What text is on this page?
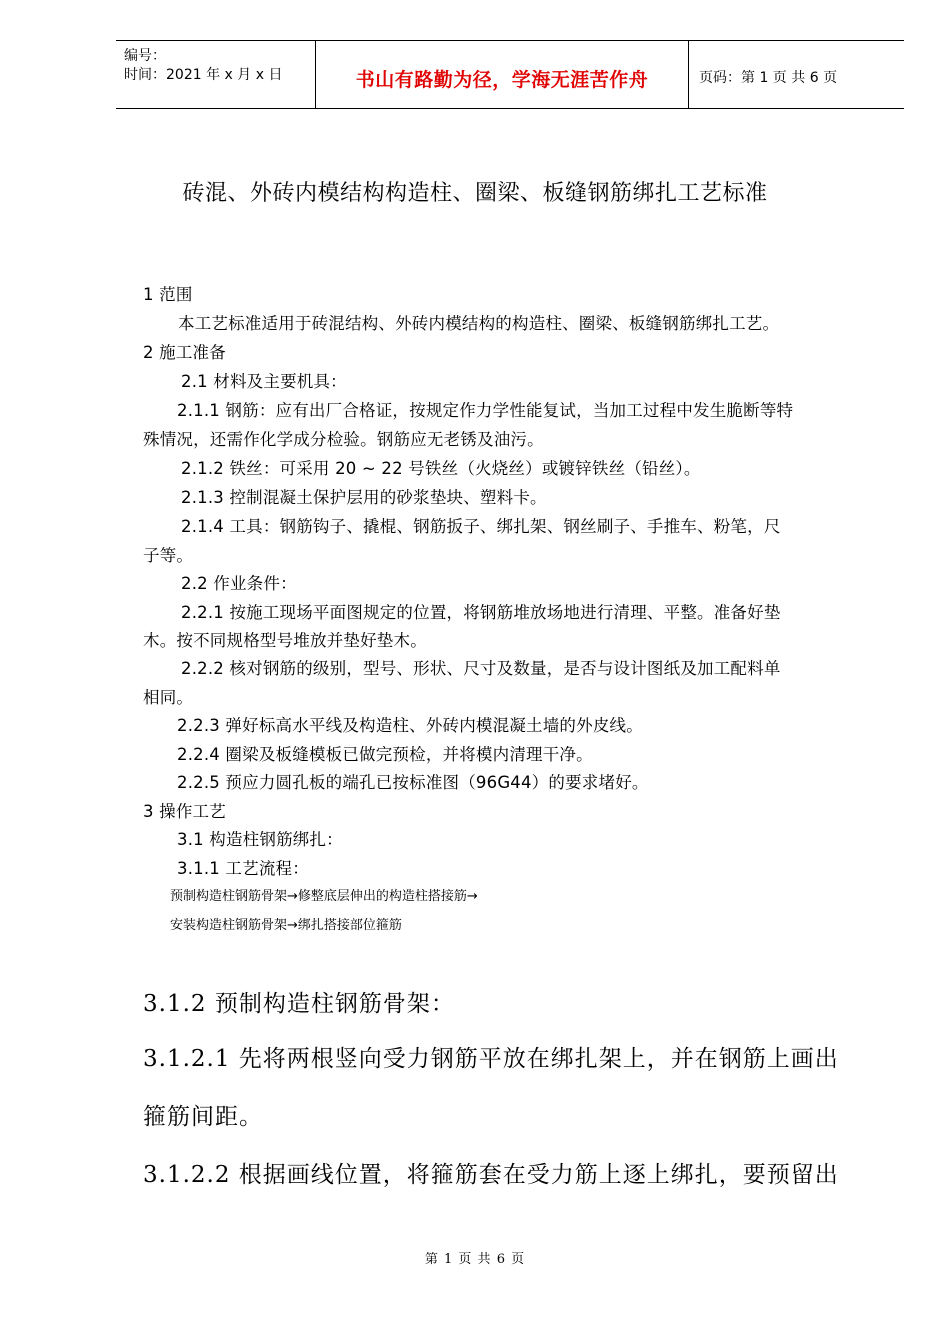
编号：
时间：2021 年 x 月 x 日	书山有路勤为径，学海无涯苦作舟	页码：第 1 页 共 6 页
砖混、外砖内模结构构造柱、圈梁、板缝钢筋绑扎工艺标准
1 范围
本工艺标准适用于砖混结构、外砖内模结构的构造柱、圈梁、板缝钢筋绑扎工艺。
2 施工准备
2.1 材料及主要机具：
2.1.1 钢筋：应有出厂合格证，按规定作力学性能复试，当加工过程中发生脆断等特
殊情况，还需作化学成分检验。钢筋应无老锈及油污。
2.1.2 铁丝：可采用 20 ~ 22 号铁丝（火烧丝）或镀锌铁丝（铅丝）。
2.1.3 控制混凝土保护层用的砂浆垫块、塑料卡。
2.1.4 工具：钢筋钩子、撬棍、钢筋扳子、绑扎架、钢丝刷子、手推车、粉笔，尺
子等。
2.2 作业条件：
2.2.1 按施工现场平面图规定的位置，将钢筋堆放场地进行清理、平整。准备好垫
木。按不同规格型号堆放并垫好垫木。
2.2.2 核对钢筋的级别，型号、形状、尺寸及数量，是否与设计图纸及加工配料单
相同。
2.2.3 弹好标高水平线及构造柱、外砖内模混凝土墙的外皮线。
2.2.4 圈梁及板缝模板已做完预检，并将模内清理干净。
2.2.5 预应力圆孔板的端孔已按标准图（96G44）的要求堵好。
3 操作工艺
3.1 构造柱钢筋绑扎：
3.1.1 工艺流程：
预制构造柱钢筋骨架→修整底层伸出的构造柱搭接筋→
安装构造柱钢筋骨架→绑扎搭接部位箍筋
3.1.2 预制构造柱钢筋骨架：
3.1.2.1 先将两根竖向受力钢筋平放在绑扎架上，并在钢筋上画出
箍筋间距。
3.1.2.2 根据画线位置，将箍筋套在受力筋上逐上绑扎，要预留出
第 1 页 共 6 页
